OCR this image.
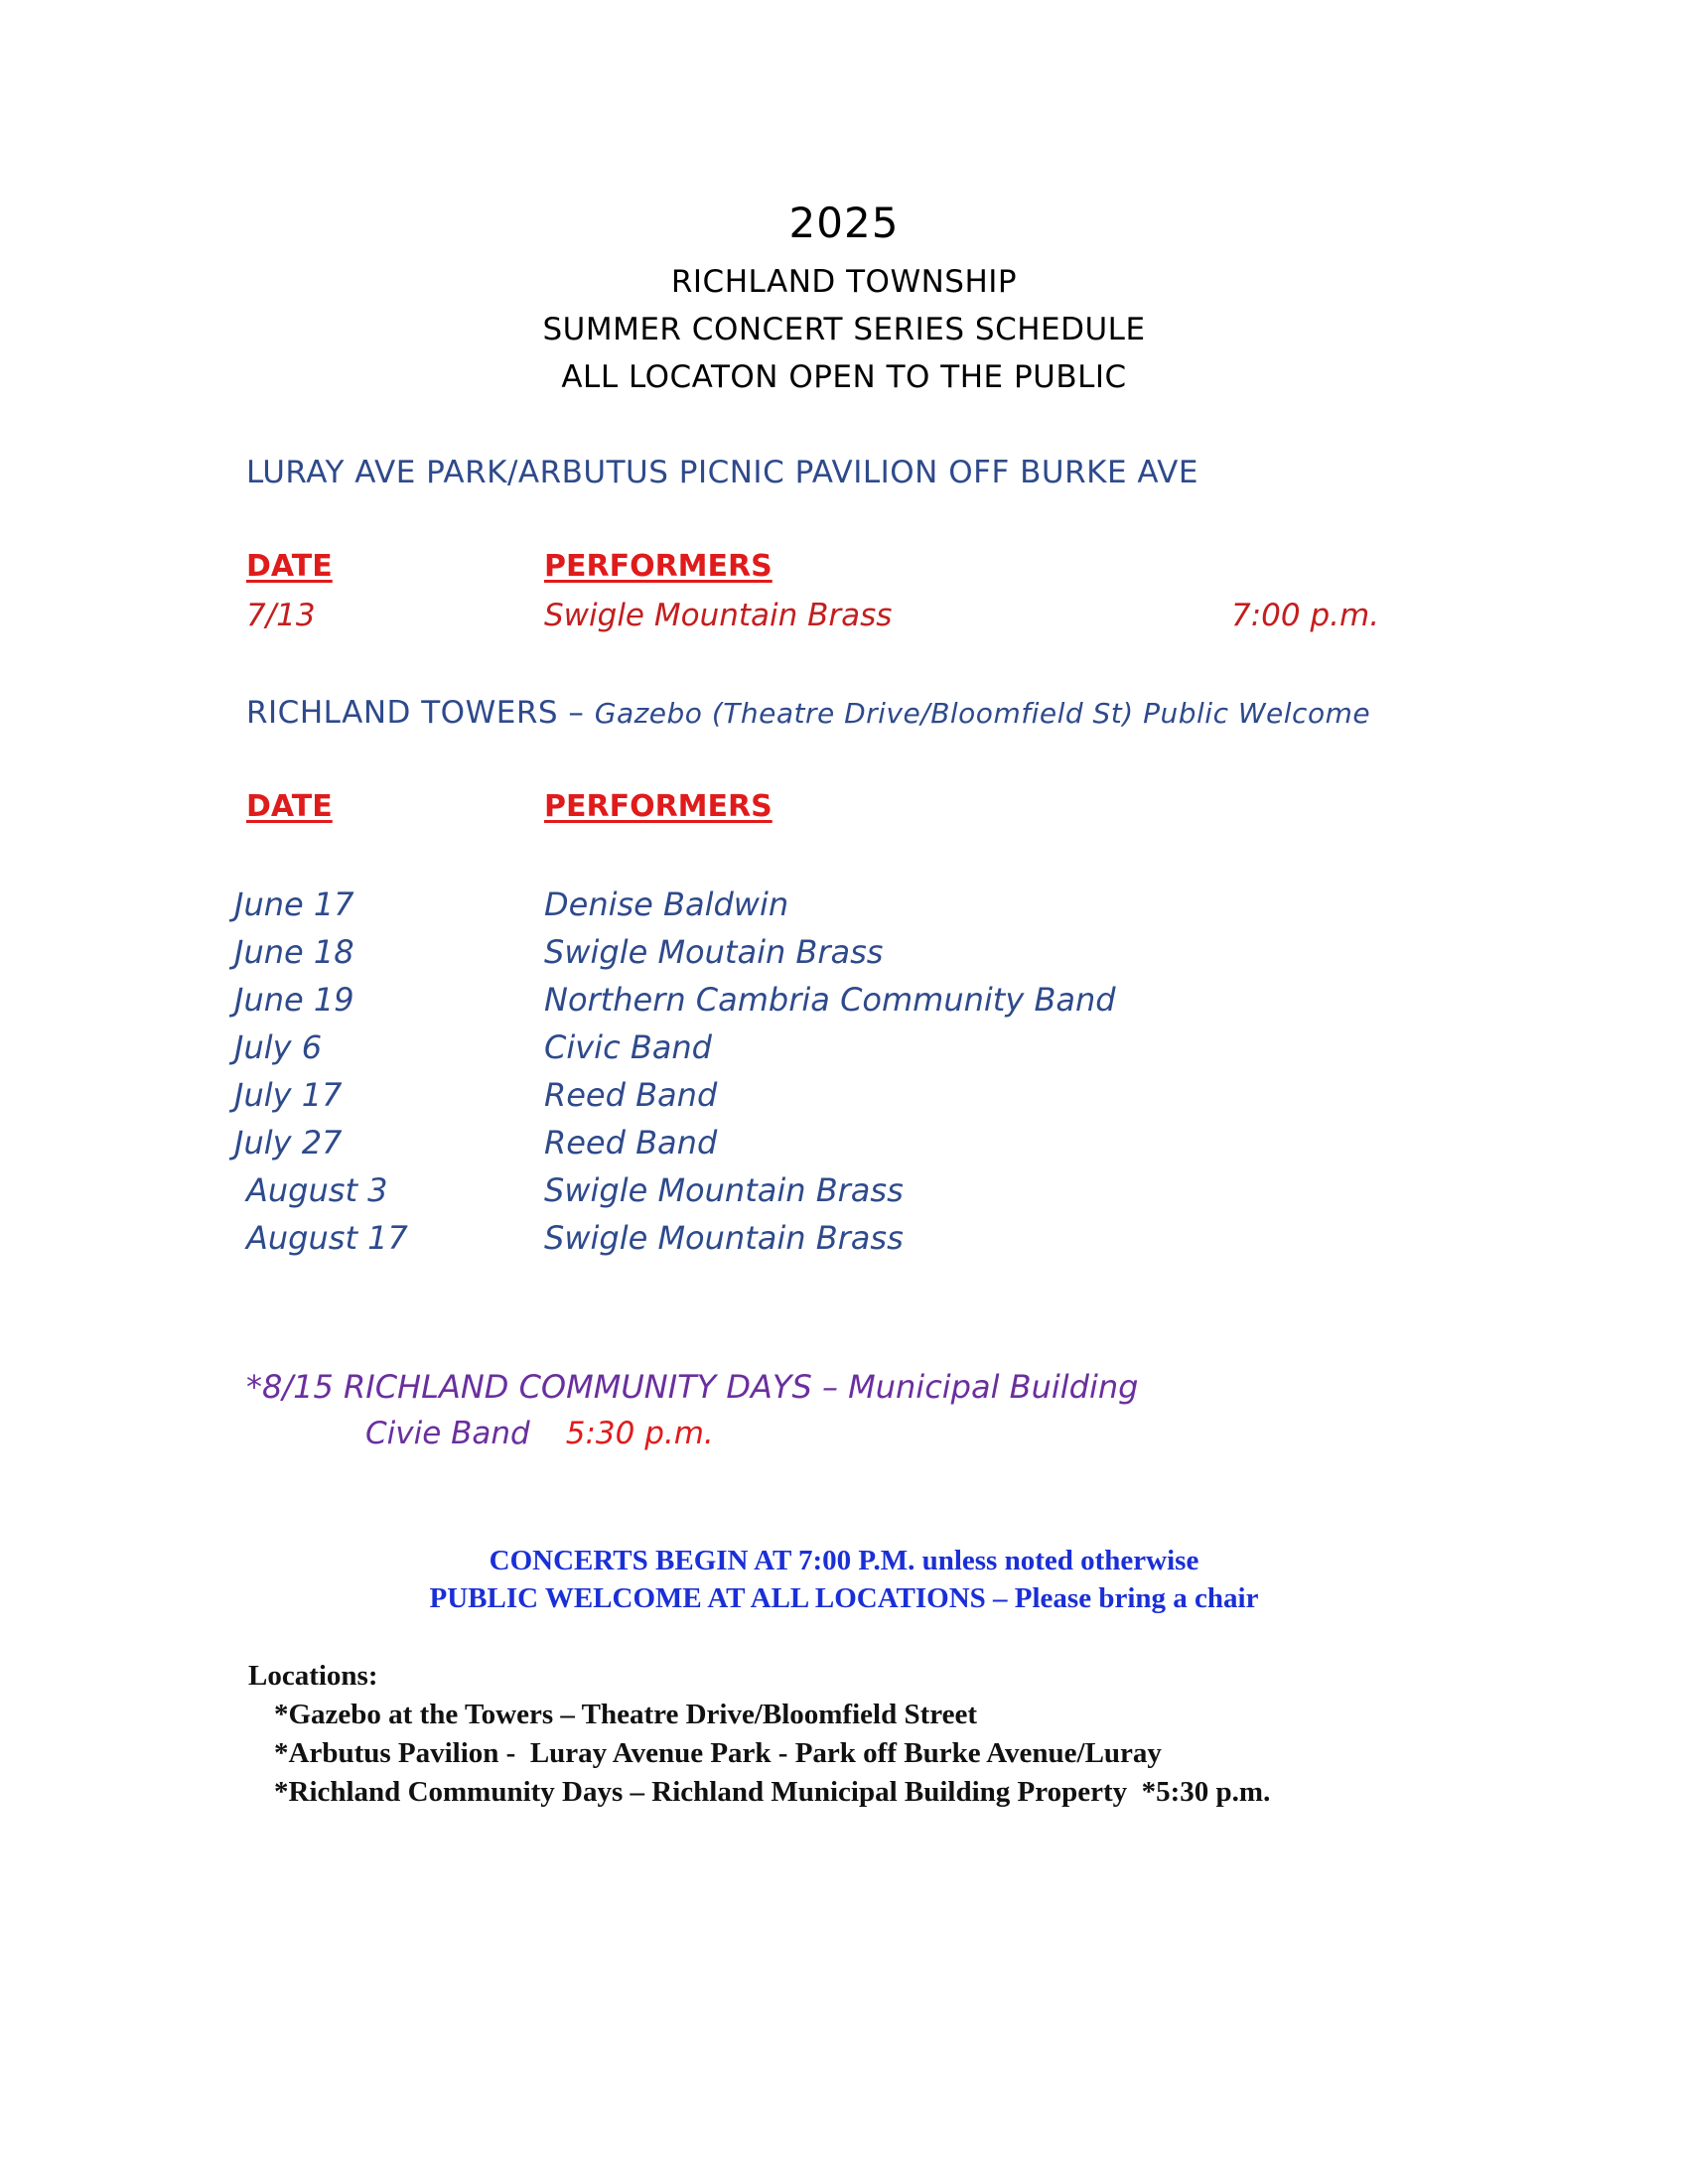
2025
RICHLAND TOWNSHIP
SUMMER CONCERT SERIES SCHEDULE
ALL LOCATON OPEN TO THE PUBLIC
LURAY AVE PARK/ARBUTUS PICNIC PAVILION OFF BURKE AVE
DATE	PERFORMERS
7/13	Swigle Mountain Brass	7:00 p.m.
RICHLAND TOWERS – Gazebo (Theatre Drive/Bloomfield St) Public Welcome
DATE	PERFORMERS
June 17	Denise Baldwin
June 18	Swigle Moutain Brass
June 19	Northern Cambria Community Band
July 6	Civic Band
July 17	Reed Band
July 27	Reed Band
August 3	Swigle Mountain Brass
August 17	Swigle Mountain Brass
*8/15 RICHLAND COMMUNITY DAYS – Municipal Building
Civie Band 5:30 p.m.
CONCERTS BEGIN AT 7:00 P.M. unless noted otherwise
PUBLIC WELCOME AT ALL LOCATIONS – Please bring a chair
Locations:
*Gazebo at the Towers – Theatre Drive/Bloomfield Street
*Arbutus Pavilion -  Luray Avenue Park - Park off Burke Avenue/Luray
*Richland Community Days – Richland Municipal Building Property  *5:30 p.m.
